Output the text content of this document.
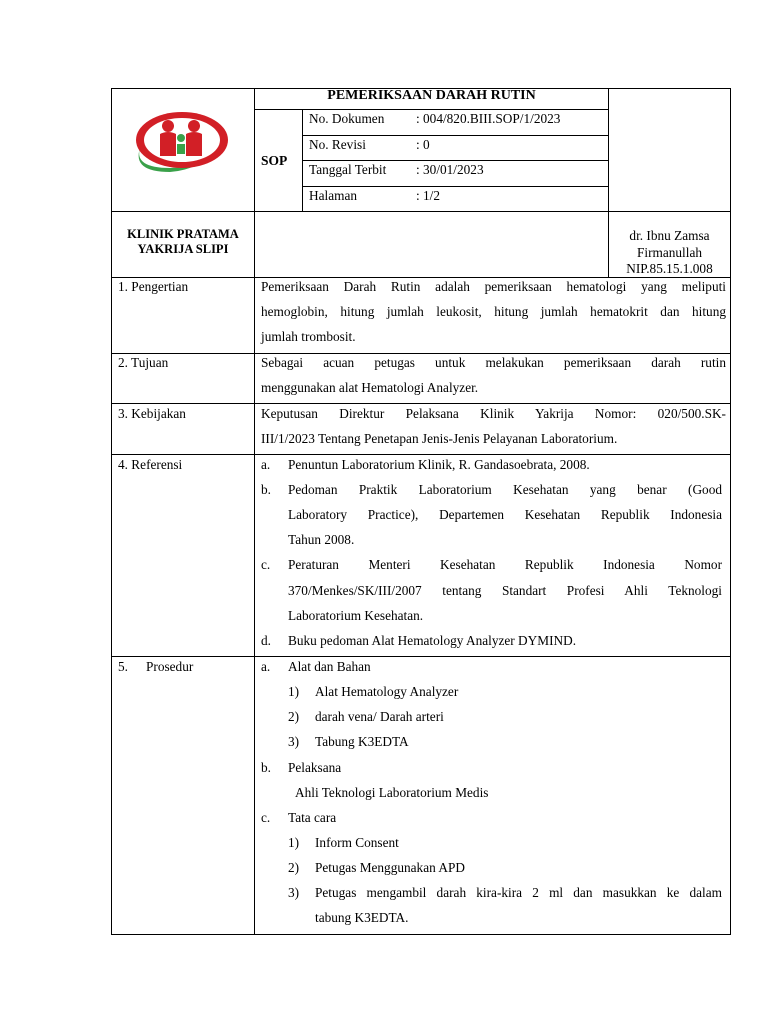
PEMERIKSAAN DARAH RUTIN
SOP
No. Dokumen : 004/820.BIII.SOP/1/2023
No. Revisi	: 0
Tanggal Terbit : 30/01/2023
Halaman	: 1/2
KLINIK PRATAMA
YAKRIJA SLIPI
dr. Ibnu Zamsa
Firmanullah
NIP.85.15.1.008
1. Pengertian	Pemeriksaan Darah Rutin adalah pemeriksaan hematologi yang meliputi
hemoglobin, hitung jumlah leukosit, hitung jumlah hematokrit dan hitung
jumlah trombosit.
2. Tujuan	Sebagai acuan petugas untuk melakukan pemeriksaan darah rutin
menggunakan alat Hematologi Analyzer.
3. Kebijakan	Keputusan Direktur Pelaksana Klinik Yakrija Nomor: 020/500.SK-
III/1/2023 Tentang Penetapan Jenis-Jenis Pelayanan Laboratorium.
4. Referensi	a. Penuntun Laboratorium Klinik, R. Gandasoebrata, 2008.
b. Pedoman Praktik Laboratorium Kesehatan yang benar (Good
Laboratory Practice), Departemen Kesehatan Republik Indonesia
Tahun 2008.
c. Peraturan Menteri Kesehatan Republik Indonesia Nomor
370/Menkes/SK/III/2007 tentang Standart Profesi Ahli Teknologi
Laboratorium Kesehatan.
d. Buku pedoman Alat Hematology Analyzer DYMIND.
5. Prosedur	a. Alat dan Bahan
1) Alat Hematology Analyzer
2) darah vena/ Darah arteri
3) Tabung K3EDTA
b. Pelaksana
Ahli Teknologi Laboratorium Medis
c. Tata cara
1) Inform Consent
2) Petugas Menggunakan APD
3) Petugas mengambil darah kira-kira 2 ml dan masukkan ke dalam
tabung K3EDTA.
